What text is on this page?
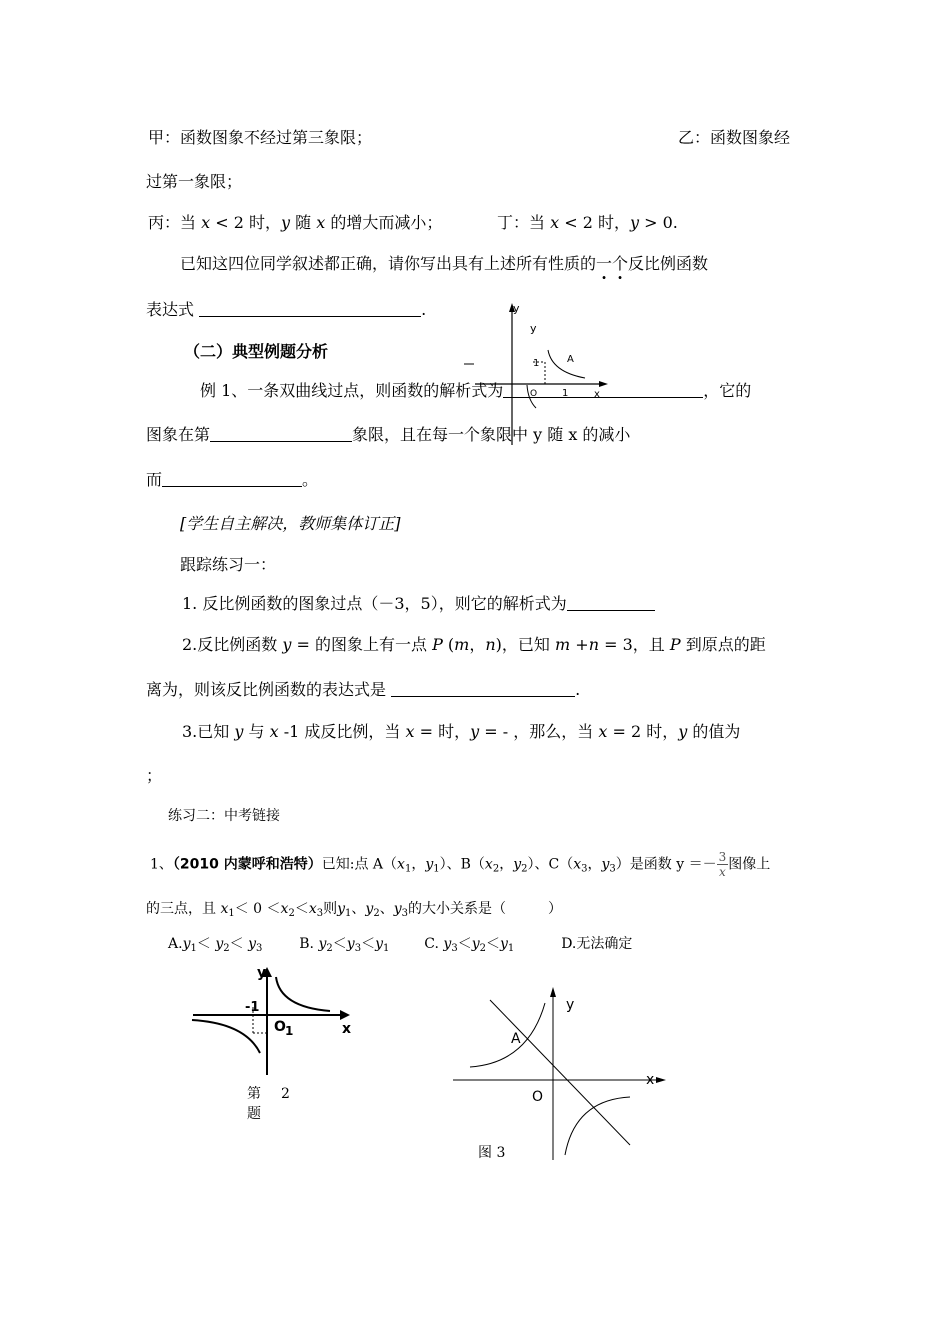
甲：函数图象不经过第三象限；	乙：函数图象经
过第一象限；
丙：当 x < 2 时，y 随 x 的增大而减小；	丁：当 x < 2 时，y > 0.
已知这四位同学叙述都正确，请你写出具有上述所有性质的一个反比例函数
表达式	.
（二）典型例题分析
y
y
x
1
1
A
O
例 1、一条双曲线过点，则函数的解析式为	，它的
图象在第	象限，且在每一个象限中 y 随 x 的减小
而	。
[学生自主解决，教师集体订正]
跟踪练习一：
1. 反比例函数的图象过点（－3，5），则它的解析式为
2.反比例函数 y = 的图象上有一点 P (m，n)，已知 m +n = 3，且 P 到原点的距
离为，则该反比例函数的表达式是	.
3.已知 y 与 x -1 成反比例，当 x = 时，y = - ，那么，当 x = 2 时，y 的值为
；
练习二：中考链接
1、（2010 内蒙呼和浩特）已知:点 $A(x_1$，$y_1$）、$B(x_2$，$y_2$）、$C(x_3$，$y_3$）是函数 $y =- \frac{3}{x}$ 图像上
的三点，且 $x_1< 0 <x_2<x_3$则$y_1$、$y_2$、$y_3$的大小关系是（　　　）
$A.y_1< y_2< y_3$	B. $y_2<y_3<y_1$ C. $y_3<y_2<y_1$	D.无法确定
y
x
-1
O 1
第 2
题
y
x
A
O
图 3
